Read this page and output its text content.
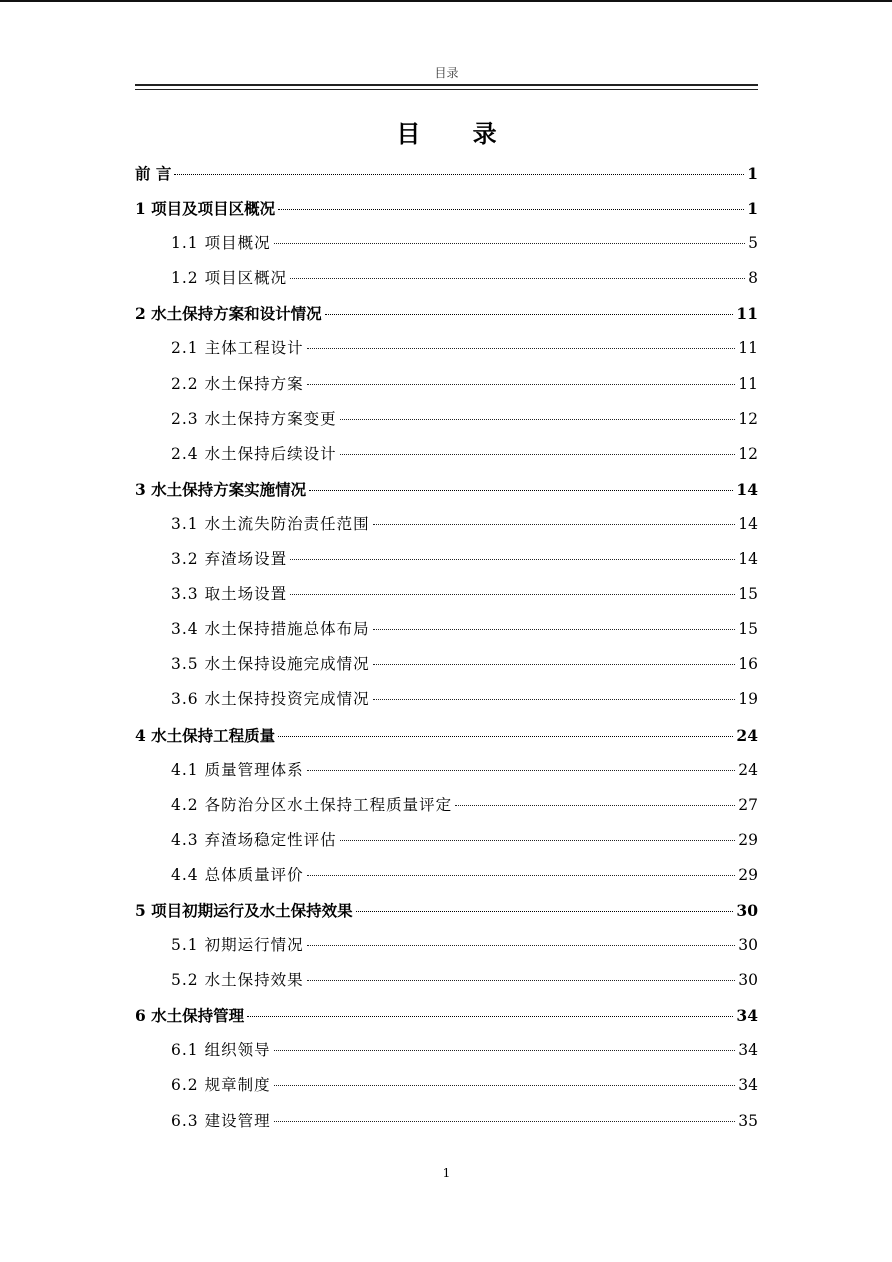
目录
目 录
前 言	1
1 项目及项目区概况	1
1.1 项目概况	5
1.2 项目区概况	8
2 水土保持方案和设计情况	11
2.1 主体工程设计	11
2.2 水土保持方案	11
2.3 水土保持方案变更	12
2.4 水土保持后续设计	12
3 水土保持方案实施情况	14
3.1 水土流失防治责任范围	14
3.2 弃渣场设置	14
3.3 取土场设置	15
3.4 水土保持措施总体布局	15
3.5 水土保持设施完成情况	16
3.6 水土保持投资完成情况	19
4 水土保持工程质量	24
4.1 质量管理体系	24
4.2 各防治分区水土保持工程质量评定	27
4.3 弃渣场稳定性评估	29
4.4 总体质量评价	29
5 项目初期运行及水土保持效果	30
5.1 初期运行情况	30
5.2 水土保持效果	30
6 水土保持管理	34
6.1 组织领导	34
6.2 规章制度	34
6.3 建设管理	35
1
